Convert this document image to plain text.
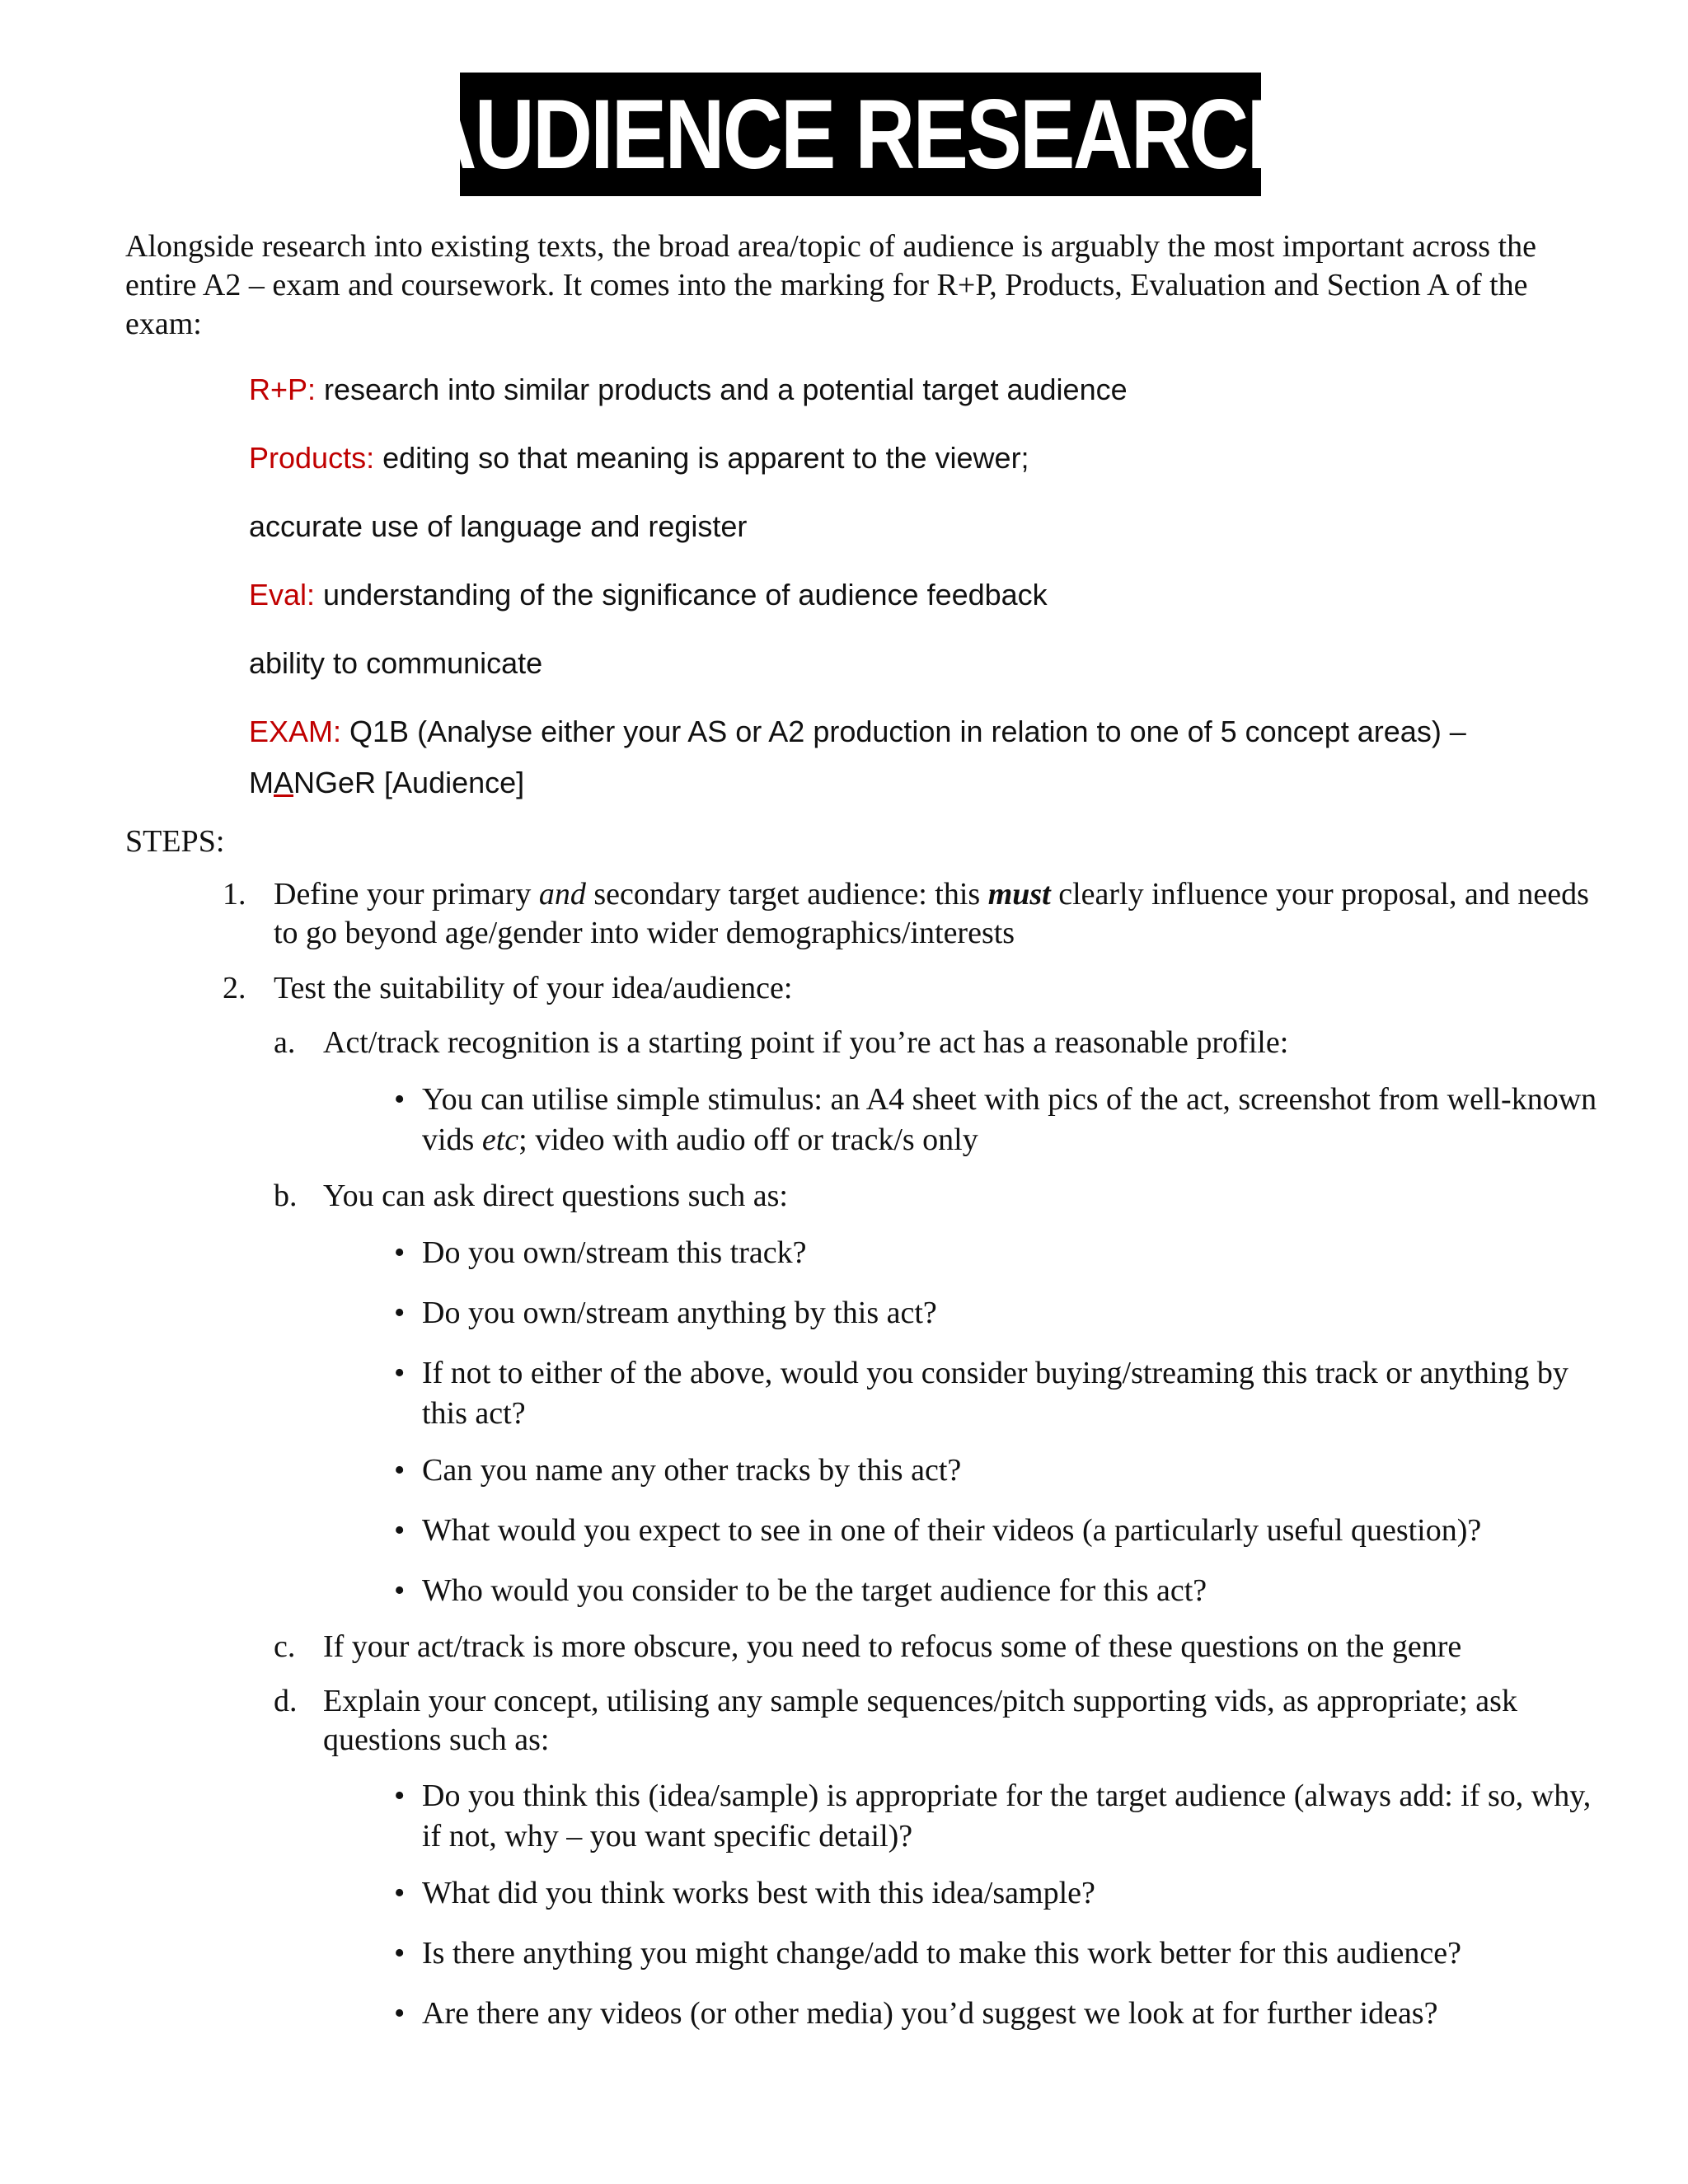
AUDIENCE RESEARCH

Alongside research into existing texts, the broad area/topic of audience is arguably the most important across the entire A2 – exam and coursework. It comes into the marking for R+P, Products, Evaluation and Section A of the exam:

R+P: research into similar products and a potential target audience

Products: editing so that meaning is apparent to the viewer;

accurate use of language and register

Eval: understanding of the significance of audience feedback

ability to communicate

EXAM: Q1B (Analyse either your AS or A2 production in relation to one of 5 concept areas) –

MANGeR [Audience]

STEPS:

1. Define your primary and secondary target audience: this must clearly influence your proposal, and needs to go beyond age/gender into wider demographics/interests
2. Test the suitability of your idea/audience:
a. Act/track recognition is a starting point if you’re act has a reasonable profile:
• You can utilise simple stimulus: an A4 sheet with pics of the act, screenshot from well-known vids etc; video with audio off or track/s only
b. You can ask direct questions such as:
• Do you own/stream this track?
• Do you own/stream anything by this act?
• If not to either of the above, would you consider buying/streaming this track or anything by this act?
• Can you name any other tracks by this act?
• What would you expect to see in one of their videos (a particularly useful question)?
• Who would you consider to be the target audience for this act?
c. If your act/track is more obscure, you need to refocus some of these questions on the genre
d. Explain your concept, utilising any sample sequences/pitch supporting vids, as appropriate; ask questions such as:
• Do you think this (idea/sample) is appropriate for the target audience (always add: if so, why, if not, why – you want specific detail)?
• What did you think works best with this idea/sample?
• Is there anything you might change/add to make this work better for this audience?
• Are there any videos (or other media) you’d suggest we look at for further ideas?
